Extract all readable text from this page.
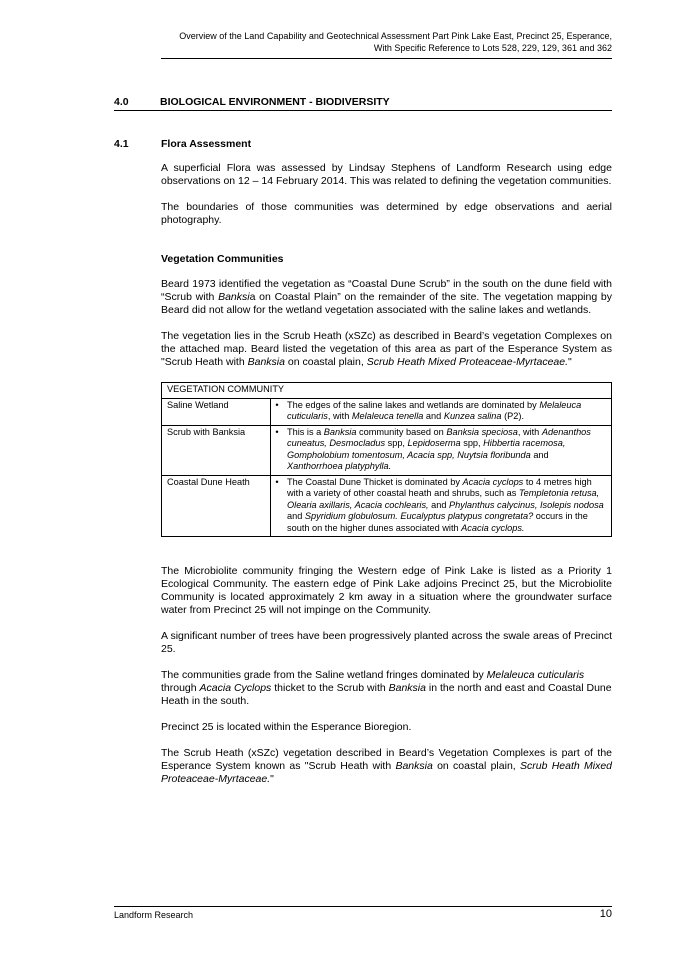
Overview of the Land Capability and Geotechnical Assessment Part Pink Lake East, Precinct 25, Esperance,
With Specific Reference to Lots 528, 229, 129, 361 and 362
4.0	BIOLOGICAL ENVIRONMENT - BIODIVERSITY
4.1	Flora Assessment

A superficial Flora was assessed by Lindsay Stephens of Landform Research using edge observations on 12 – 14 February 2014. This was related to defining the vegetation communities.

The boundaries of those communities was determined by edge observations and aerial photography.

Vegetation Communities

Beard 1973 identified the vegetation as “Coastal Dune Scrub” in the south on the dune field with “Scrub with Banksia on Coastal Plain” on the remainder of the site. The vegetation mapping by Beard did not allow for the wetland vegetation associated with the saline lakes and wetlands.

The vegetation lies in the Scrub Heath (xSZc) as described in Beard’s vegetation Complexes on the attached map. Beard listed the vegetation of this area as part of the Esperance System as "Scrub Heath with Banksia on coastal plain, Scrub Heath Mixed Proteaceae-Myrtaceae."

VEGETATION COMMUNITY		
Saline Wetland	•	The edges of the saline lakes and wetlands are dominated by Melaleuca cuticularis, with Melaleuca tenella and Kunzea salina (P2).
Scrub with Banksia	•	This is a Banksia community based on Banksia speciosa, with Adenanthos cuneatus, Desmocladus spp, Lepidoserma spp, Hibbertia racemosa, Gompholobium tomentosum, Acacia spp, Nuytsia floribunda and Xanthorrhoea platyphylla.
Coastal Dune Heath	•	The Coastal Dune Thicket is dominated by Acacia cyclops to 4 metres high with a variety of other coastal heath and shrubs, such as Templetonia retusa, Olearia axillaris, Acacia cochlearis, and Phylanthus calycinus, Isolepis nodosa and Spyridium globulosum. Eucalyptus platypus congretata? occurs in the south on the higher dunes associated with Acacia cyclops.

The Microbiolite community fringing the Western edge of Pink Lake is listed as a Priority 1 Ecological Community. The eastern edge of Pink Lake adjoins Precinct 25, but the Microbiolite Community is located approximately 2 km away in a situation where the groundwater surface water from Precinct 25 will not impinge on the Community.

A significant number of trees have been progressively planted across the swale areas of Precinct 25.

The communities grade from the Saline wetland fringes dominated by Melaleuca cuticularis through Acacia Cyclops thicket to the Scrub with Banksia in the north and east and Coastal Dune Heath in the south.

Precinct 25 is located within the Esperance Bioregion.

The Scrub Heath (xSZc) vegetation described in Beard’s Vegetation Complexes is part of the Esperance System known as "Scrub Heath with Banksia on coastal plain, Scrub Heath Mixed Proteaceae-Myrtaceae."

Landform Research	10
